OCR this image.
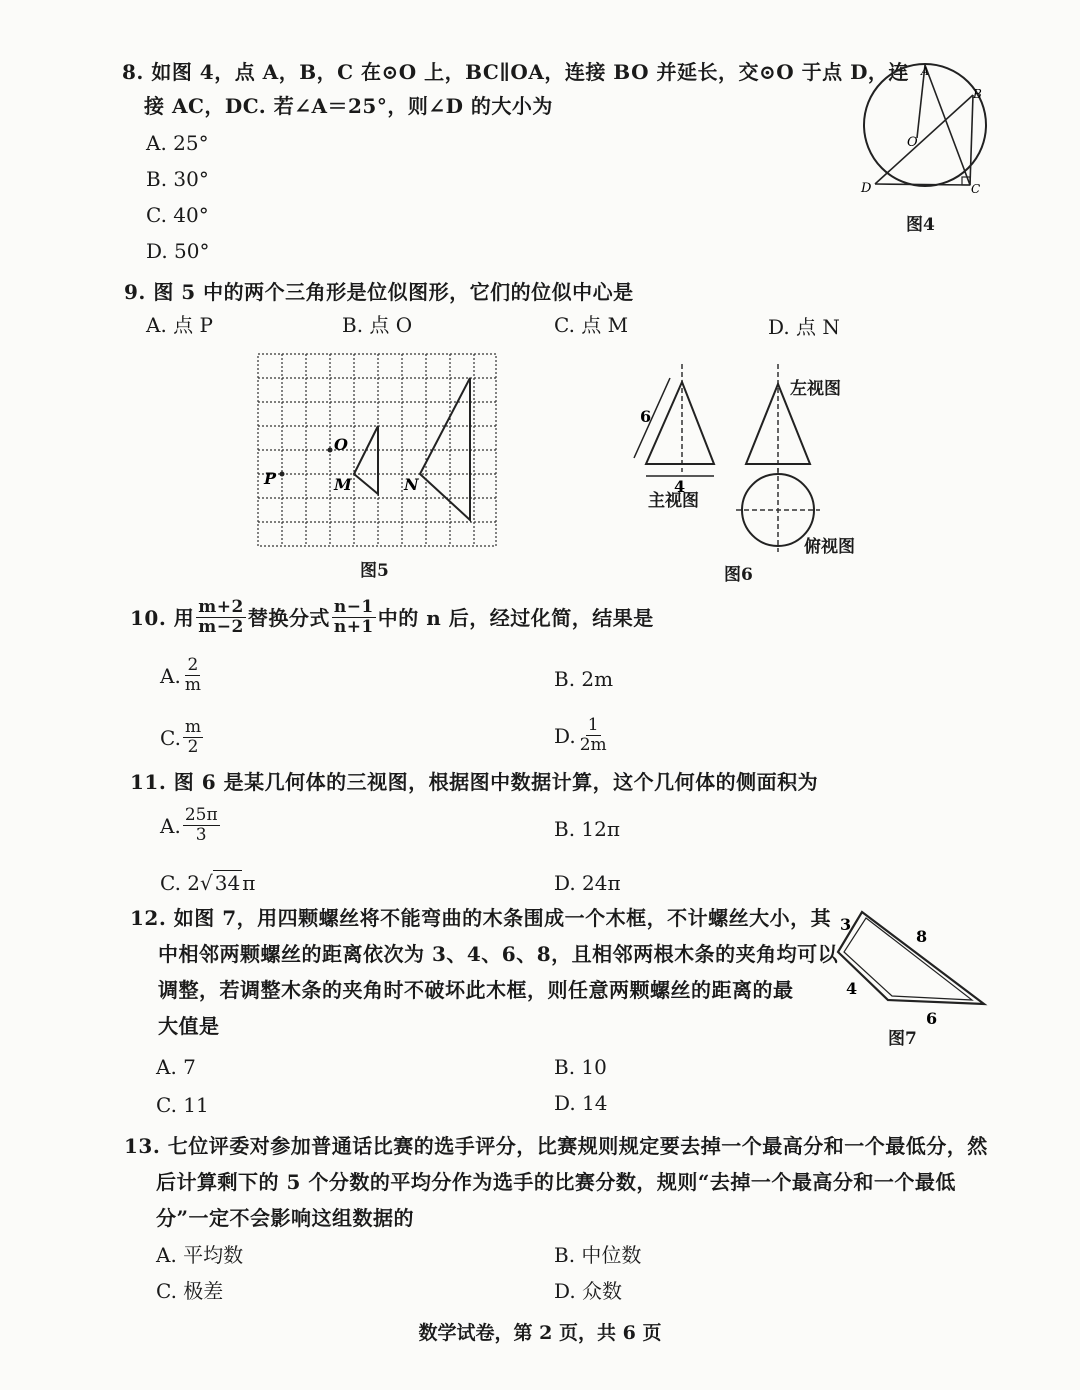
8. 如图 4，点 A，B，C 在⊙O 上，BC∥OA，连接 BO 并延长，交⊙O 于点 D，连
接 AC，DC. 若∠A＝25°，则∠D 的大小为
A. 25°
B. 30°
C. 40°
D. 50°
A
B
O
D	C
图4
9. 图 5 中的两个三角形是位似图形，它们的位似中心是
A. 点 P	B. 点 O	C. 点 M	D. 点 N
O
P	M	N
图5
6
4
左视图
主视图
俯视图
图6
10. 用 $\frac{m+2}{m-2}$ 替换分式 $\frac{n-1}{n+1}$ 中的 n 后，经过化简，结果是
A. $\frac{2}{m}$	B. 2m
C. $\frac{m}{2}$	D. $\frac{1}{2m}$
11. 图 6 是某几何体的三视图，根据图中数据计算，这个几何体的侧面积为
A. $\frac{25\pi}{3}$	B. 12π
C. 2√ 34 π	D. 24π
12. 如图 7，用四颗螺丝将不能弯曲的木条围成一个木框，不计螺丝大小，其
中相邻两颗螺丝的距离依次为 3、4、6、8，且相邻两根木条的夹角均可以
调整，若调整木条的夹角时不破坏此木框，则任意两颗螺丝的距离的最
大值是
A. 7	B. 10
C. 11	D. 14
3
8
4
6
图7
13. 七位评委对参加普通话比赛的选手评分，比赛规则规定要去掉一个最高分和一个最低分，然
后计算剩下的 5 个分数的平均分作为选手的比赛分数，规则“去掉一个最高分和一个最低
分”一定不会影响这组数据的
A. 平均数	B. 中位数
C. 极差	D. 众数
数学试卷，第 2 页，共 6 页
